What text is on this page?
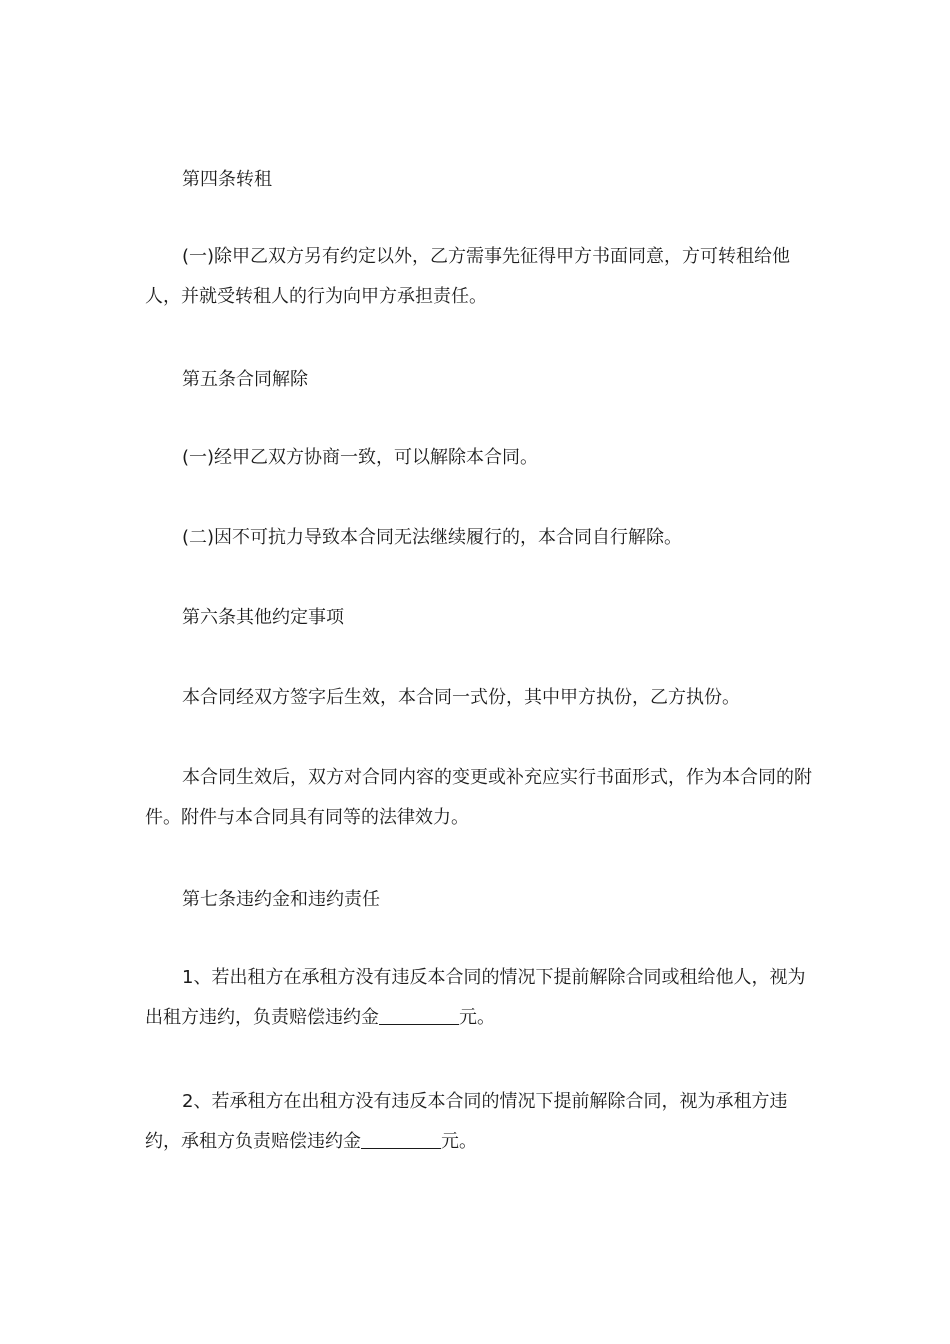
第四条转租

(一)除甲乙双方另有约定以外，乙方需事先征得甲方书面同意，方可转租给他人，并就受转租人的行为向甲方承担责任。

第五条合同解除

(一)经甲乙双方协商一致，可以解除本合同。

(二)因不可抗力导致本合同无法继续履行的，本合同自行解除。

第六条其他约定事项

本合同经双方签字后生效，本合同一式份，其中甲方执份，乙方执份。

本合同生效后，双方对合同内容的变更或补充应实行书面形式，作为本合同的附件。附件与本合同具有同等的法律效力。

第七条违约金和违约责任

1、若出租方在承租方没有违反本合同的情况下提前解除合同或租给他人，视为出租方违约，负责赔偿违约金	元。

2、若承租方在出租方没有违反本合同的情况下提前解除合同，视为承租方违约，承租方负责赔偿违约金	元。
